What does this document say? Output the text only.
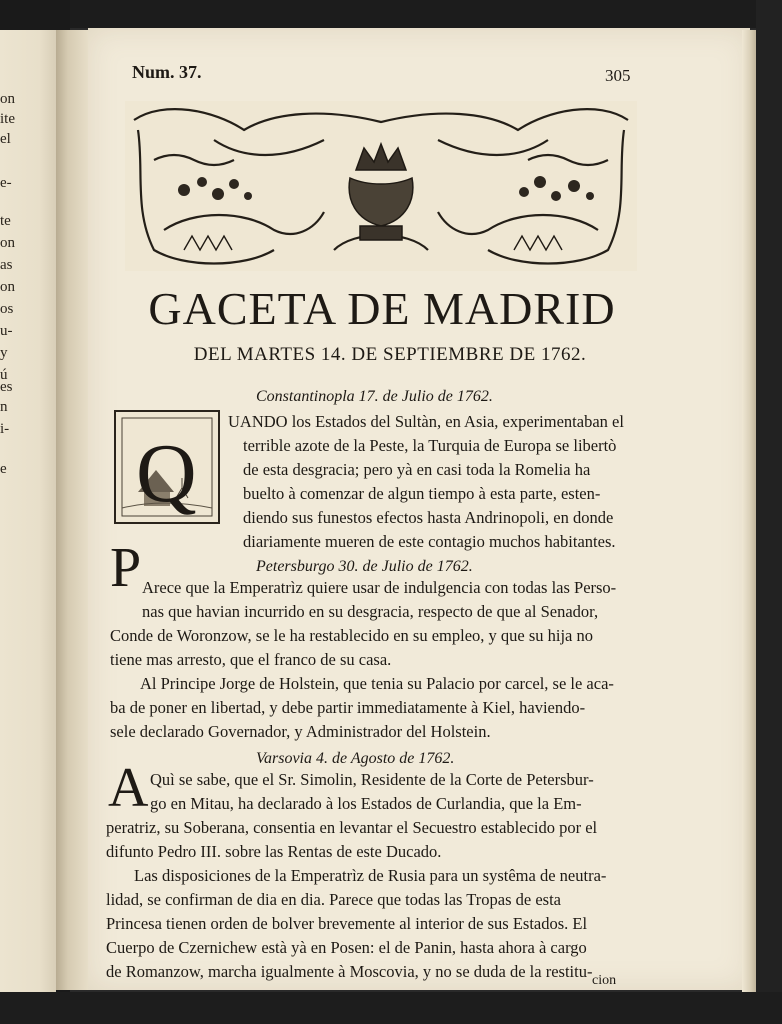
on
ite
el
e-
te
on
as
on
os
u-
y
ú
es
n
i-
e
Num. 37.	305
GACETA DE MADRID
DEL MARTES 14. DE SEPTIEMBRE DE 1762.
Constantinopla 17. de Julio de 1762.
Q
UANDO los Estados del Sultàn, en Asia, experimentaban el
terrible azote de la Peste, la Turquia de Europa se libertò
de esta desgracia; pero yà en casi toda la Romelia ha
buelto à comenzar de algun tiempo à esta parte, esten-
diendo sus funestos efectos hasta Andrinopoli, en donde
diariamente mueren de este contagio muchos habitantes.
Petersburgo 30. de Julio de 1762.
P Arece que la Emperatrìz quiere usar de indulgencia con todas las Perso-
nas que havian incurrido en su desgracia, respecto de que al Senador,
Conde de Woronzow, se le ha restablecido en su empleo, y que su hija no
tiene mas arresto, que el franco de su casa.
Al Principe Jorge de Holstein, que tenia su Palacio por carcel, se le aca-
ba de poner en libertad, y debe partir immediatamente à Kiel, haviendo-
sele declarado Governador, y Administrador del Holstein.
Varsovia 4. de Agosto de 1762.
A Quì se sabe, que el Sr. Simolin, Residente de la Corte de Petersbur-
go en Mitau, ha declarado à los Estados de Curlandia, que la Em-
peratriz, su Soberana, consentia en levantar el Secuestro establecido por el
difunto Pedro III. sobre las Rentas de este Ducado.
Las disposiciones de la Emperatrìz de Rusia para un systêma de neutra-
lidad, se confirman de dia en dia. Parece que todas las Tropas de esta
Princesa tienen orden de bolver brevemente al interior de sus Estados. El
Cuerpo de Czernichew està yà en Posen: el de Panin, hasta ahora à cargo
de Romanzow, marcha igualmente à Moscovia, y no se duda de la restitu- cion
